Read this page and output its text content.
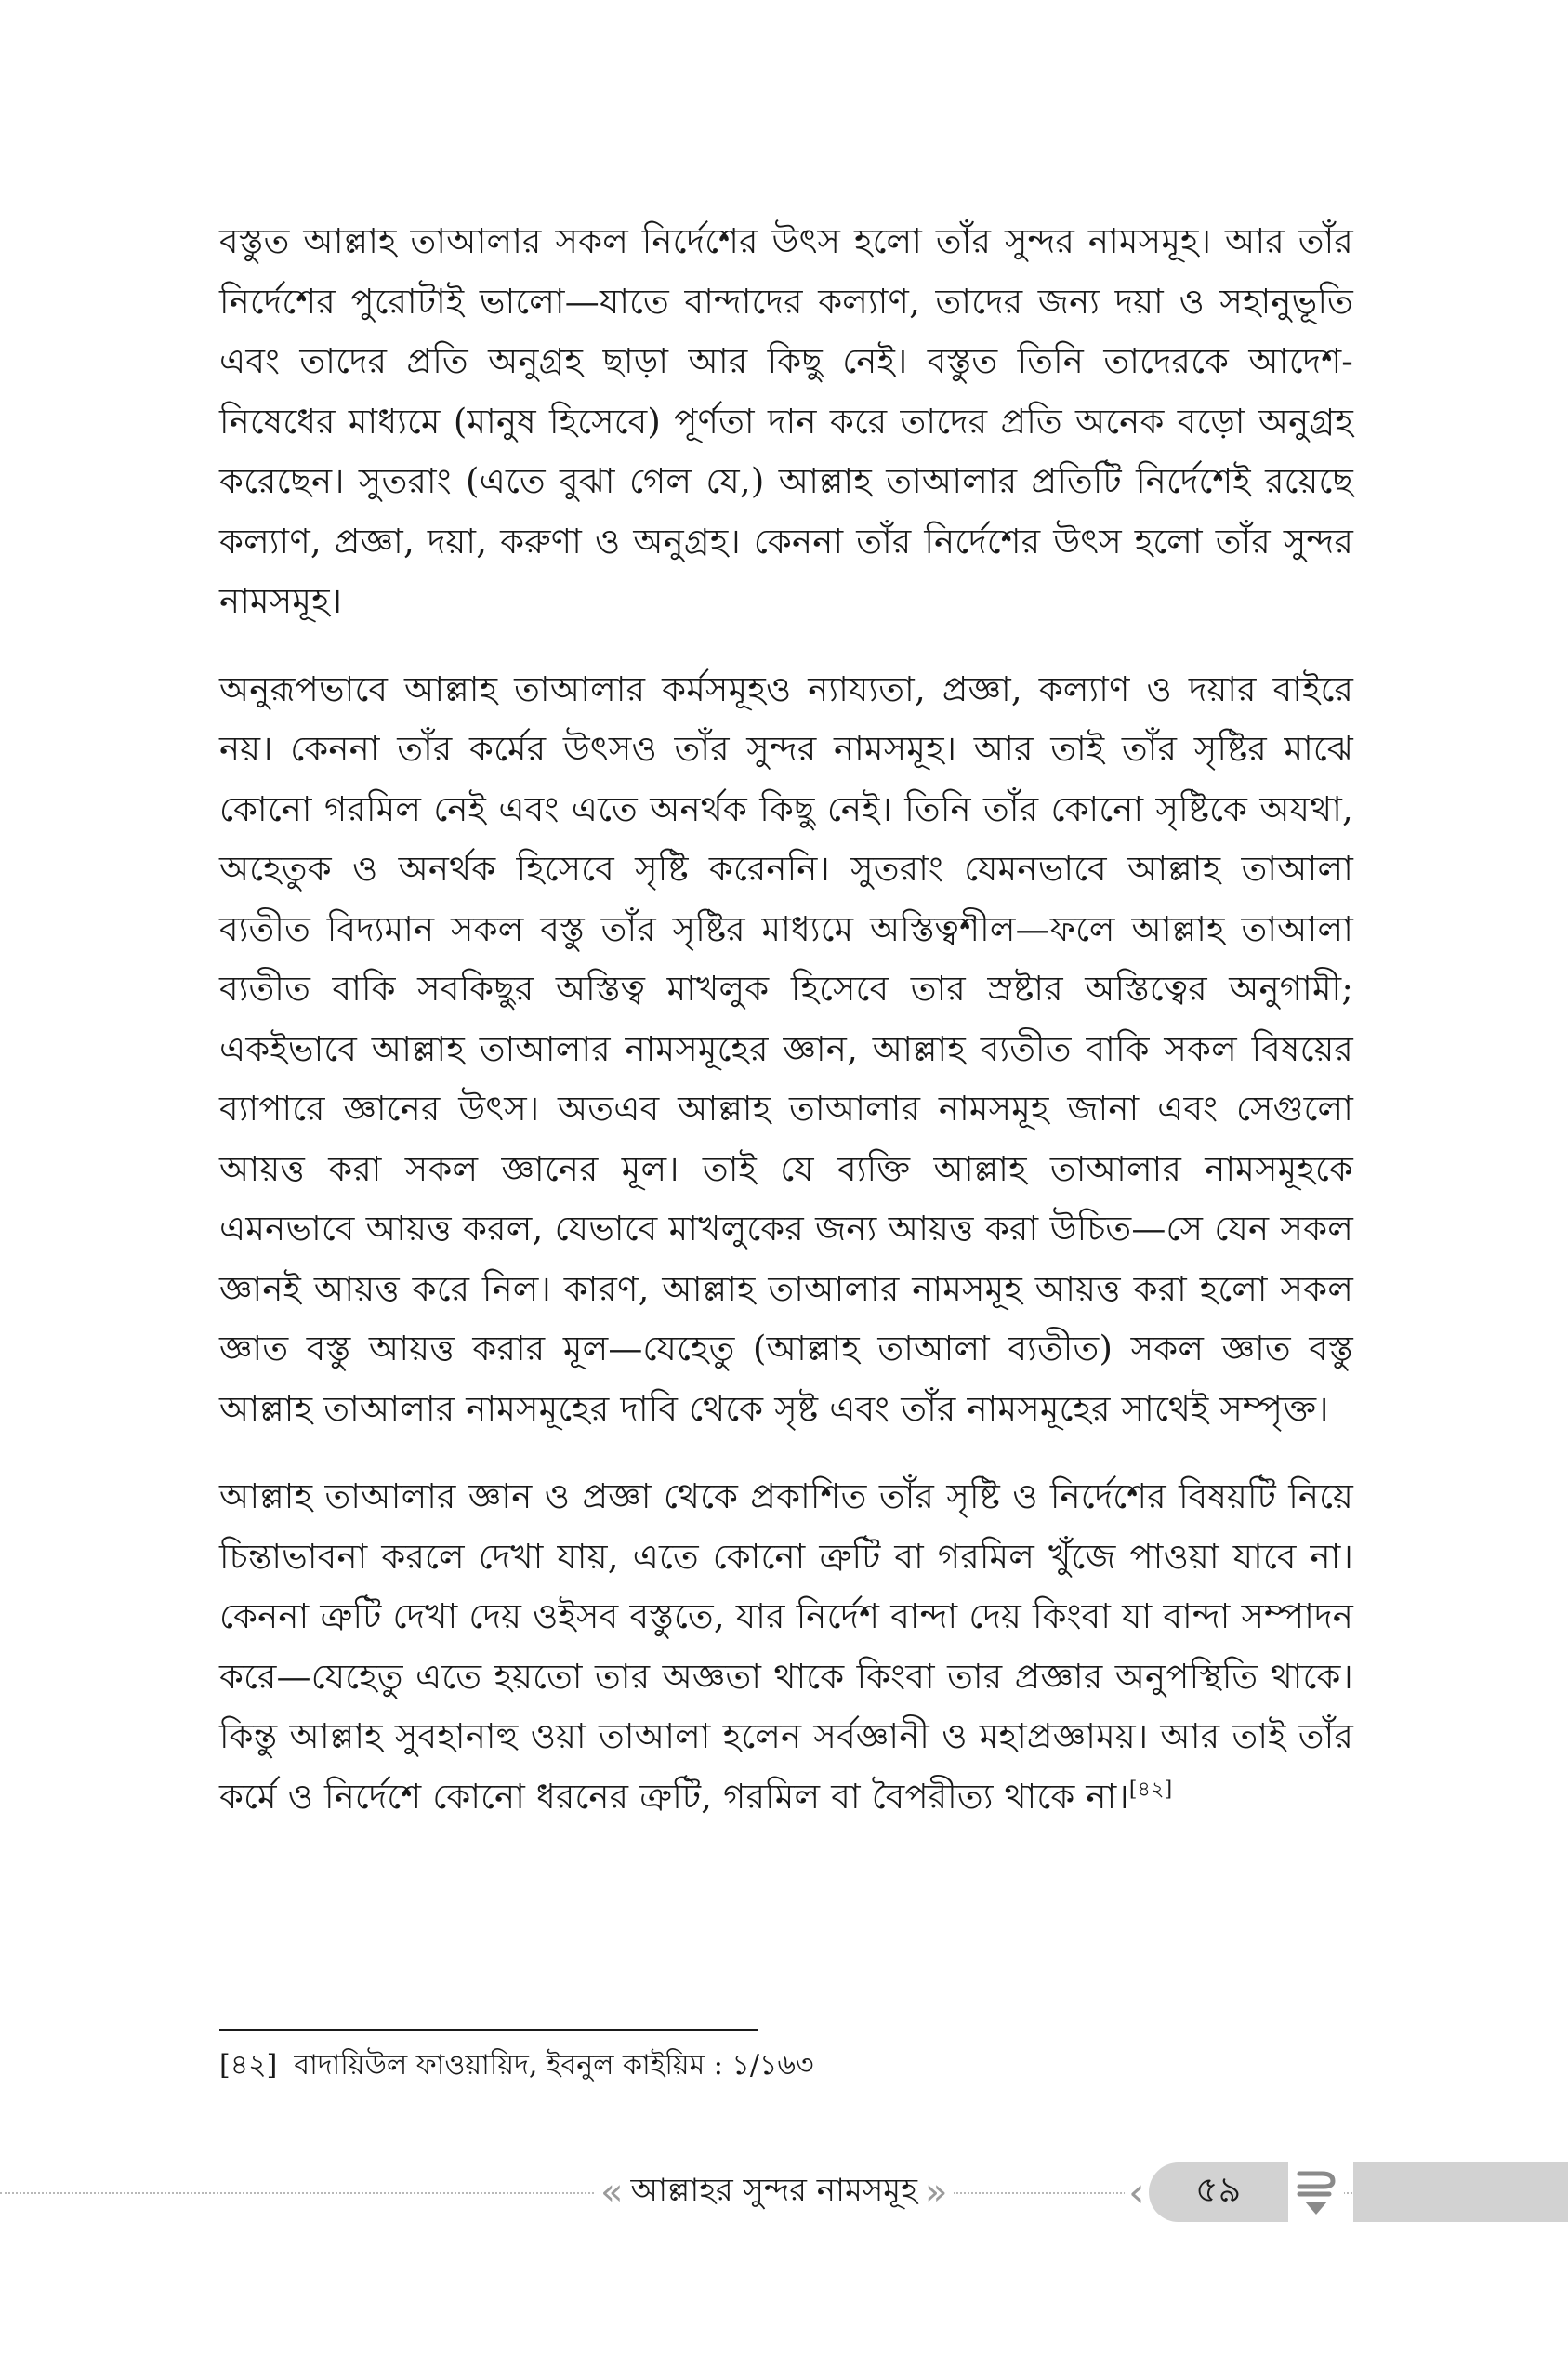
বস্তুত আল্লাহ তাআলার সকল নির্দেশের উৎস হলো তাঁর সুন্দর নামসমূহ। আর তাঁর নির্দেশের পুরোটাই ভালো—যাতে বান্দাদের কল্যাণ, তাদের জন্য দয়া ও সহানুভূতি এবং তাদের প্রতি অনুগ্রহ ছাড়া আর কিছু নেই। বস্তুত তিনি তাদেরকে আদেশ-নিষেধের মাধ্যমে (মানুষ হিসেবে) পূর্ণতা দান করে তাদের প্রতি অনেক বড়ো অনুগ্রহ করেছেন। সুতরাং (এতে বুঝা গেল যে,) আল্লাহ তাআলার প্রতিটি নির্দেশেই রয়েছে কল্যাণ, প্রজ্ঞা, দয়া, করুণা ও অনুগ্রহ। কেননা তাঁর নির্দেশের উৎস হলো তাঁর সুন্দর নামসমূহ।

অনুরূপভাবে আল্লাহ তাআলার কর্মসমূহও ন্যায্যতা, প্রজ্ঞা, কল্যাণ ও দয়ার বাইরে নয়। কেননা তাঁর কর্মের উৎসও তাঁর সুন্দর নামসমূহ। আর তাই তাঁর সৃষ্টির মাঝে কোনো গরমিল নেই এবং এতে অনর্থক কিছু নেই। তিনি তাঁর কোনো সৃষ্টিকে অযথা, অহেতুক ও অনর্থক হিসেবে সৃষ্টি করেননি। সুতরাং যেমনভাবে আল্লাহ তাআলা ব্যতীত বিদ্যমান সকল বস্তু তাঁর সৃষ্টির মাধ্যমে অস্তিত্বশীল—ফলে আল্লাহ তাআলা ব্যতীত বাকি সবকিছুর অস্তিত্ব মাখলুক হিসেবে তার স্রষ্টার অস্তিত্বের অনুগামী; একইভাবে আল্লাহ তাআলার নামসমূহের জ্ঞান, আল্লাহ ব্যতীত বাকি সকল বিষয়ের ব্যাপারে জ্ঞানের উৎস। অতএব আল্লাহ তাআলার নামসমূহ জানা এবং সেগুলো আয়ত্ত করা সকল জ্ঞানের মূল। তাই যে ব্যক্তি আল্লাহ তাআলার নামসমূহকে এমনভাবে আয়ত্ত করল, যেভাবে মাখলুকের জন্য আয়ত্ত করা উচিত—সে যেন সকল জ্ঞানই আয়ত্ত করে নিল। কারণ, আল্লাহ তাআলার নামসমূহ আয়ত্ত করা হলো সকল জ্ঞাত বস্তু আয়ত্ত করার মূল—যেহেতু (আল্লাহ তাআলা ব্যতীত) সকল জ্ঞাত বস্তু আল্লাহ তাআলার নামসমূহের দাবি থেকে সৃষ্ট এবং তাঁর নামসমূহের সাথেই সম্পৃক্ত।

আল্লাহ তাআলার জ্ঞান ও প্রজ্ঞা থেকে প্রকাশিত তাঁর সৃষ্টি ও নির্দেশের বিষয়টি নিয়ে চিন্তাভাবনা করলে দেখা যায়, এতে কোনো ত্রুটি বা গরমিল খুঁজে পাওয়া যাবে না। কেননা ত্রুটি দেখা দেয় ওইসব বস্তুতে, যার নির্দেশ বান্দা দেয় কিংবা যা বান্দা সম্পাদন করে—যেহেতু এতে হয়তো তার অজ্ঞতা থাকে কিংবা তার প্রজ্ঞার অনুপস্থিতি থাকে। কিন্তু আল্লাহ সুবহানাহু ওয়া তাআলা হলেন সর্বজ্ঞানী ও মহাপ্রজ্ঞাময়। আর তাই তাঁর কর্মে ও নির্দেশে কোনো ধরনের ত্রুটি, গরমিল বা বৈপরীত্য থাকে না।[৪২]

[৪২] বাদায়িউল ফাওয়ায়িদ, ইবনুল কাইয়িম : ১/১৬৩
« আল্লাহর সুন্দর নামসমূহ »	‹	৫৯
